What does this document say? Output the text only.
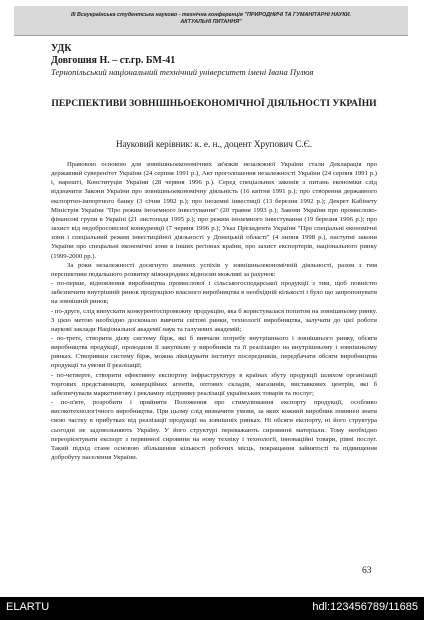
III Всеукраїнська студентська науково - технічна конференція "ПРИРОДНИЧІ ТА ГУМАНІТАРНІ НАУКИ.
АКТУАЛЬНІ ПИТАННЯ"
УДК
Довгошия Н. – ст.гр. БМ-41
Тернопільський національний технічний університет імені Івана Пулюя
ПЕРСПЕКТИВИ ЗОВНІШНЬОЕКОНОМІЧНОЇ ДІЯЛЬНОСТІ УКРАЇНИ
Науковий керівник: к. е. н., доцент Хрупович С.Є.

Правовою основою для зовнішньоекономічних зв'язків незалежної України стали Декларація про державний суверенітет України (24 серпня 1991 р.), Акт проголошення незалежності України (24 серпня 1991 р.) і, нарешті, Конституція України (28 червня 1996 р.). Серед спеціальних законів з питань економіки слід відзначити Закони України про зовнішньоекономічну діяльність (16 квітня 1991 р.); про створення державного експортно-імпортного банку (3 січня 1992 р.); про іноземні інвестиції (13 березня 1992 р.); Декрет Кабінету Міністрів України "Про режим іноземного інвестування" (20 травня 1993 р.); Закони України про промислово-фінансові групи в Україні (21 листопада 1995 р.); про режим іноземного інвестування (19 березня 1996 р.); про захист від недобросовісної конкуренції (7 червня 1996 р.); Указ Президента України "Про спеціальні економічні зони і спеціальний режим інвестиційної діяльності у Донецькій області" (4 липня 1998 р.), наступні закони України про спеціальні економічні зони в інших регіонах країни, про захист експортерів, національного ринку (1999-2000 рр.).

За роки незалежності досягнуто значних успіхів у зовнішньоекономічній діяльності, разом з тим перспективи подальшого розвитку міжнародних відносин можливі за рахунок:

- по-перше, відновлення виробництва промислової і сільськогосподарської продукції з тим, щоб повністю забезпечити внутрішній ринок продукцією власного виробництва в необхідній кількості і було що запропонувати на зовнішній ринок;

- по-друге, слід випускати конкурентоспроможну продукцію, яка б користувалася попитом на зовнішньому ринку. З цією метою необхідно досконало вивчити світові ринки, технології виробництва, залучати до цієї роботи наукові заклади Національної академії наук та галузевих академій;

- по-третє, створити дієву систему бірж, які б вивчали потребу внутрішнього і зовнішнього ринку, обсяги виробництва продукції, проводили її закупівлю у виробників та її реалізацію на внутрішньому і зовнішньому ринках. Створивши систему бірж, можна ліквідувати інститут посередників, передбачати обсяги виробництва продукції та умови її реалізації;

- по-четверте, створити ефективну експортну інфраструктуру в країнах збуту продукції шляхом організації торгових представництв, комерційних агентів, оптових складів, магазинів, виставкових центрів, які б забезпечували маркетингову і рекламну підтримку реалізації українських товарів та послуг;

- по-п'яте, розробити і прийняти Положення про стимулювання експорту продукції, особливо високотехнологічного виробництва. При цьому слід визначити умови, за яких кожний виробник повинен знати свою частку в прибутках від реалізації продукції на зовнішніх ринках. Ні обсяги експорту, ні його структура сьогодні не задовольняють Україну. У його структурі переважають сировинні матеріали. Тому необхідно переорієнтувати експорт з первинної сировини на нову техніку і технології, інноваційні товари, рівні послуг. Такий підхід стане основою збільшення кількості робочих місць, покращання зайнятості та підвищення добробуту населення України.

63
ELARTU	hdl:123456789/11685
